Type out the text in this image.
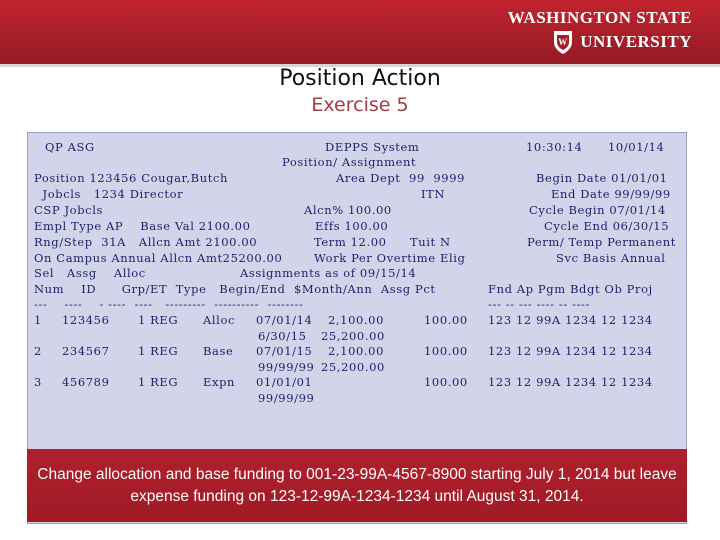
WASHINGTON STATE
W UNIVERSITY
Position Action
Exercise 5
QP ASG	DEPPS System	10:30:14 10/01/14
Position/ Assignment
Position 123456 Cougar,Butch	Area Dept  99  9999	Begin Date 01/01/01
Jobcls   1234 Director	ITN	End Date 99/99/99
CSP Jobcls	Alcn% 100.00	Cycle Begin 07/01/14
Empl Type AP    Base Val 2100.00	Effs 100.00	Cycle End 06/30/15
Rng/Step  31A   Allcn Amt 2100.00	Term 12.00 Tuit N	Perm/ Temp Permanent
On Campus Annual Allcn Amt25200.00	Work Per Overtime Elig	Svc Basis Annual
Sel   Assg    Alloc	Assignments as of 09/15/14
Num    ID      Grp/ET  Type   Begin/End  $Month/Ann  Assg Pct	Fnd Ap Pgm Bdgt Ob Proj
---    ----    - ----  ----   ---------  ----------  --------	--- -- --- ---- -- ----
1 123456 1 REG Alloc 07/01/14 2,100.00	100.00 123 12 99A 1234 12 1234
6/30/15 25,200.00
2 234567 1 REG Base 07/01/15 2,100.00	100.00 123 12 99A 1234 12 1234
99/99/99 25,200.00
3 456789 1 REG Expn 01/01/01	100.00 123 12 99A 1234 12 1234
99/99/99
Change allocation and base funding to 001-23-99A-4567-8900 starting July 1, 2014 but leave expense funding on 123-12-99A-1234-1234 until August 31, 2014.
